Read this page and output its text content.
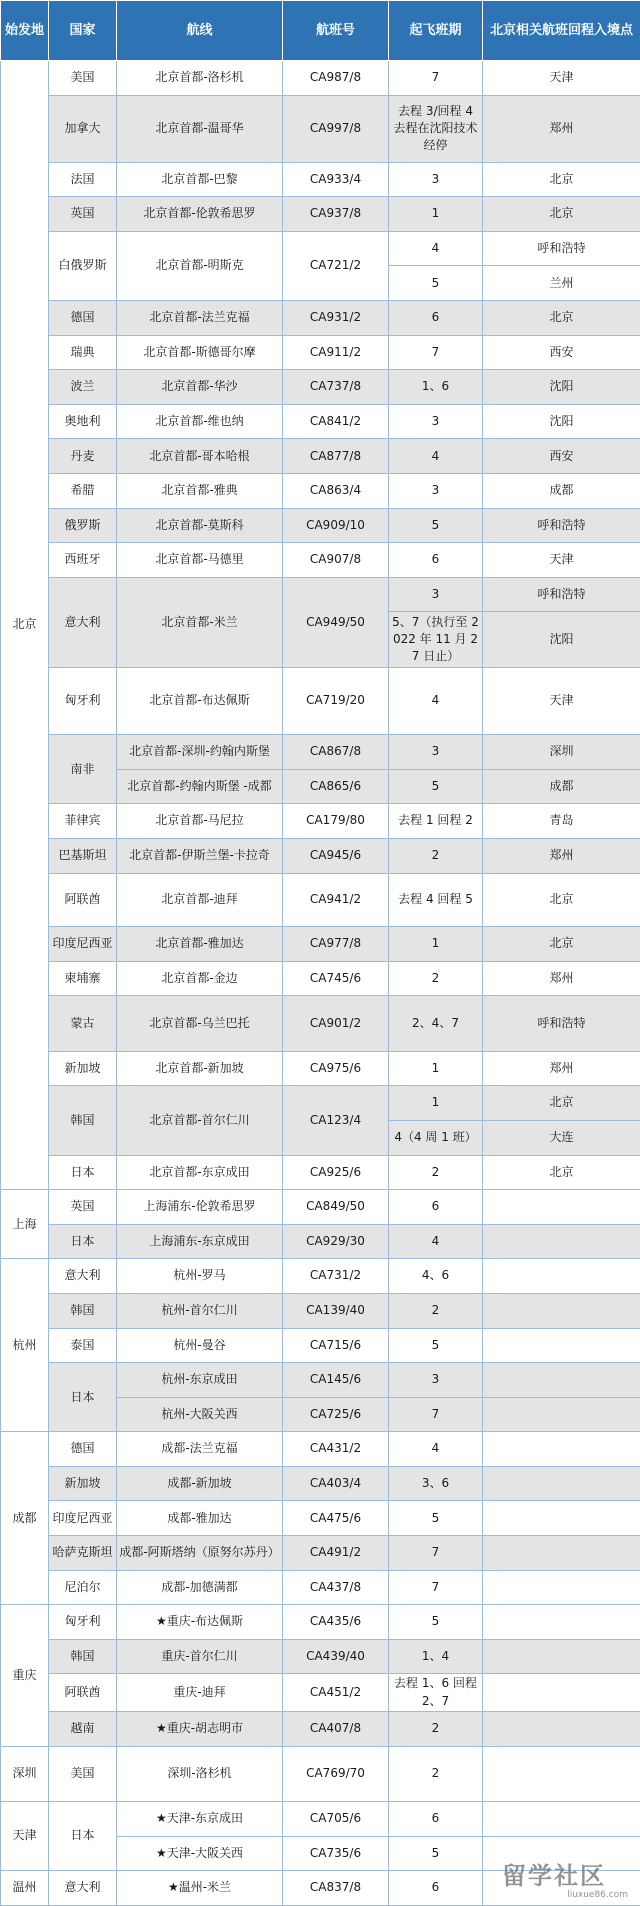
始发地	国家	航线	航班号	起飞班期	北京相关航班回程入境点
北京	美国	北京首都-洛杉机	CA987/8	7	天津
	加拿大	北京首都-温哥华	CA997/8	去程 3/回程 4 去程在沈阳技术经停	郑州
	法国	北京首都-巴黎	CA933/4	3	北京
	英国	北京首都-伦敦希思罗	CA937/8	1	北京
	白俄罗斯	北京首都-明斯克	CA721/2	4	呼和浩特
				5	兰州
	德国	北京首都-法兰克福	CA931/2	6	北京
	瑞典	北京首都-斯德哥尔摩	CA911/2	7	西安
	波兰	北京首都-华沙	CA737/8	1、6	沈阳
	奥地利	北京首都-维也纳	CA841/2	3	沈阳
	丹麦	北京首都-哥本哈根	CA877/8	4	西安
	希腊	北京首都-雅典	CA863/4	3	成都
	俄罗斯	北京首都-莫斯科	CA909/10	5	呼和浩特
	西班牙	北京首都-马德里	CA907/8	6	天津
	意大利	北京首都-米兰	CA949/50	3	呼和浩特
				5、7（执行至 2022 年 11 月 27 日止）	沈阳
	匈牙利	北京首都-布达佩斯	CA719/20	4	天津
	南非	北京首都-深圳-约翰内斯堡	CA867/8	3	深圳
		北京首都-约翰内斯堡 -成都	CA865/6	5	成都
	菲律宾	北京首都-马尼拉	CA179/80	去程 1 回程 2	青岛
	巴基斯坦	北京首都-伊斯兰堡-卡拉奇	CA945/6	2	郑州
	阿联酋	北京首都-迪拜	CA941/2	去程 4 回程 5	北京
	印度尼西亚	北京首都-雅加达	CA977/8	1	北京
	柬埔寨	北京首都-金边	CA745/6	2	郑州
	蒙古	北京首都-乌兰巴托	CA901/2	2、4、7	呼和浩特
	新加坡	北京首都-新加坡	CA975/6	1	郑州
	韩国	北京首都-首尔仁川	CA123/4	1	北京
				4（4 周 1 班）	大连
	日本	北京首都-东京成田	CA925/6	2	北京
上海	英国	上海浦东-伦敦希思罗	CA849/50	6	
	日本	上海浦东-东京成田	CA929/30	4	
杭州	意大利	杭州-罗马	CA731/2	4、6	
	韩国	杭州-首尔仁川	CA139/40	2	
	泰国	杭州-曼谷	CA715/6	5	
	日本	杭州-东京成田	CA145/6	3	
		杭州-大阪关西	CA725/6	7	
成都	德国	成都-法兰克福	CA431/2	4	
	新加坡	成都-新加坡	CA403/4	3、6	
	印度尼西亚	成都-雅加达	CA475/6	5	
	哈萨克斯坦	成都-阿斯塔纳（原努尔苏丹）	CA491/2	7	
	尼泊尔	成都-加德满都	CA437/8	7	
重庆	匈牙利	★重庆-布达佩斯	CA435/6	5	
	韩国	重庆-首尔仁川	CA439/40	1、4	
	阿联酋	重庆-迪拜	CA451/2	去程 1、6 回程 2、7	
	越南	★重庆-胡志明市	CA407/8	2	
深圳	美国	深圳-洛杉机	CA769/70	2	
天津	日本	★天津-东京成田	CA705/6	6	
		★天津-大阪关西	CA735/6	5	
温州	意大利	★温州-米兰	CA837/8	6		留学社区
liuxue86.com
